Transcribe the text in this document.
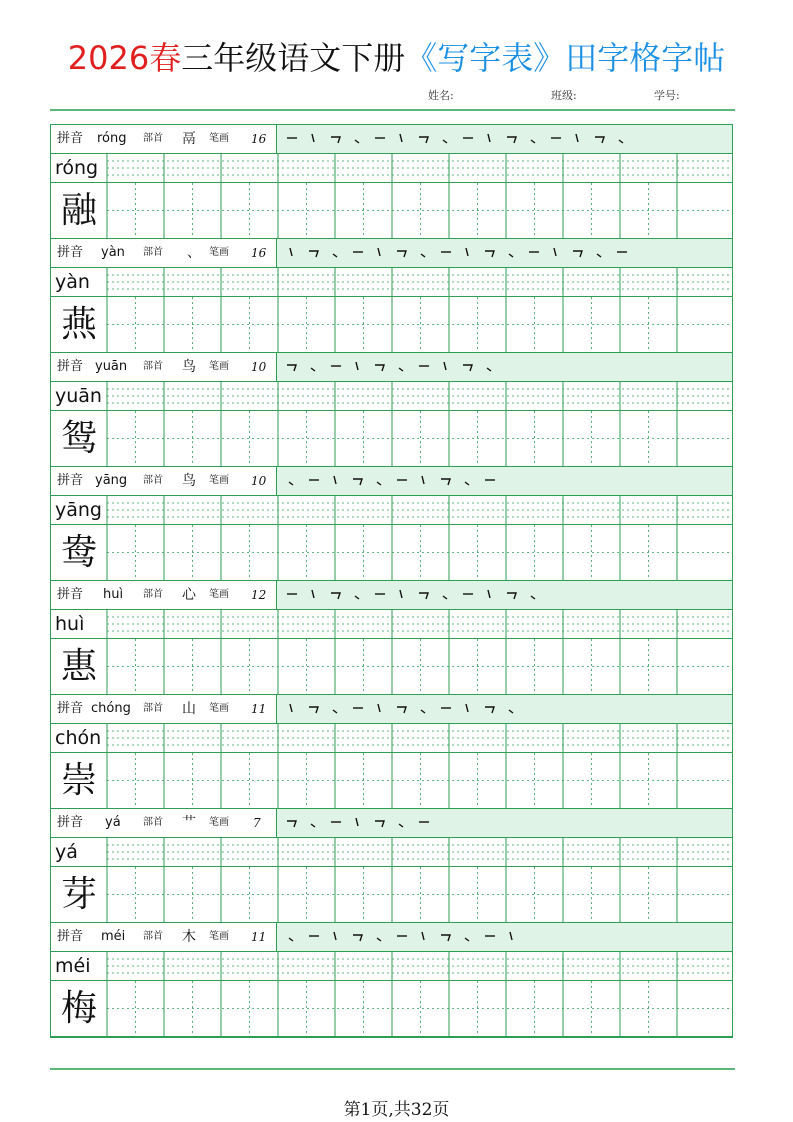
2026春三年级语文下册《写字表》田字格字帖
姓名:	班级:	学号:
拼音 róng 部首 鬲 笔画 16
róng
融
拼音 yàn 部首 、 笔画 16
yàn
燕
拼音 yuān 部首 鸟 笔画 10
yuān
鸳
拼音 yāng 部首 鸟 笔画 10
yāng
鸯
拼音 huì 部首 心 笔画 12
huì
惠
拼音 chóng 部首 山 笔画 11
chón
崇
拼音 yá 部首 艹 笔画 7
yá
芽
拼音 méi 部首 木 笔画 11
méi
梅
第1页,共32页
